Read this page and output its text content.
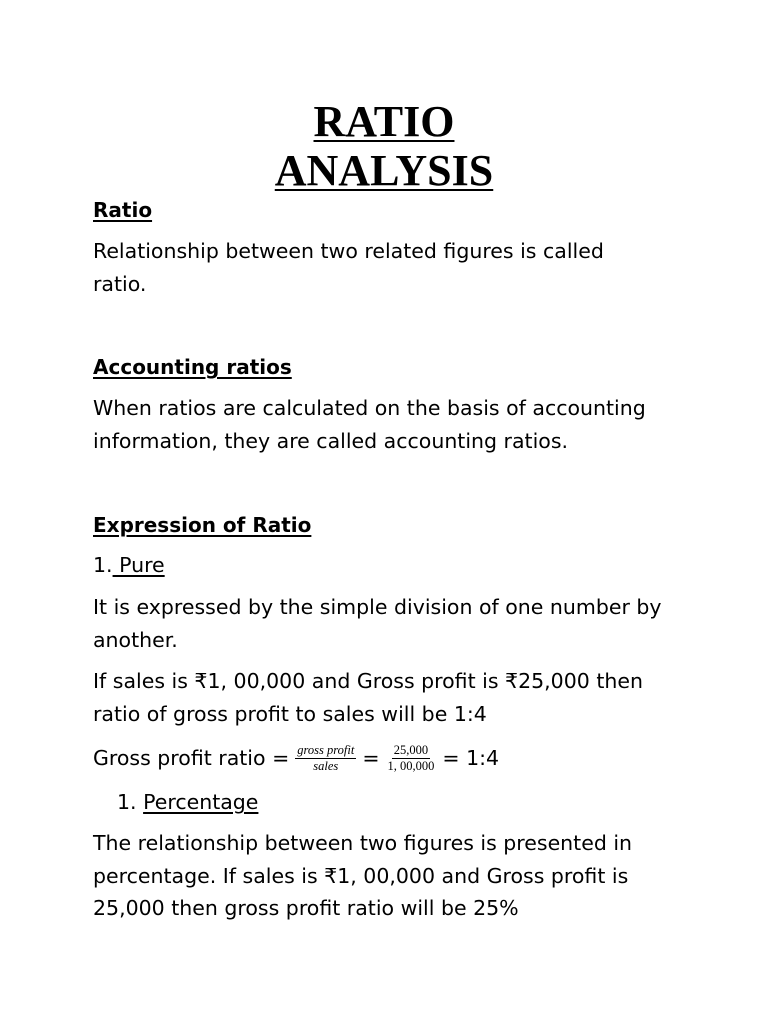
RATIO
ANALYSIS
Ratio

Relationship between two related figures is called
ratio.

Accounting ratios

When ratios are calculated on the basis of accounting
information, they are called accounting ratios.

Expression of Ratio
1. Pure

It is expressed by the simple division of one number by
another.

If sales is ₹1, 00,000 and Gross profit is ₹25,000 then
ratio of gross profit to sales will be 1:4

Gross profit ratio = $\frac{\text{gross profit}}{\text{sales}} = \frac{25,000}{1, 00,000}$ = 1:4
1. Percentage

The relationship between two figures is presented in
percentage. If sales is ₹1, 00,000 and Gross profit is
25,000 then gross profit ratio will be 25%
